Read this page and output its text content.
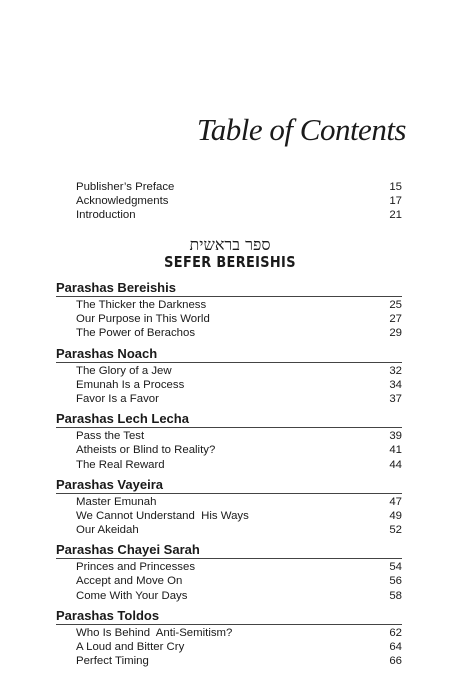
Table of Contents
Publisher’s Preface	15
Acknowledgments	17
Introduction	21
ספר בראשית
SEFER BEREISHIS
Parashas Bereishis
The Thicker the Darkness	25
Our Purpose in This World	27
The Power of Berachos	29
Parashas Noach
The Glory of a Jew	32
Emunah Is a Process	34
Favor Is a Favor	37
Parashas Lech Lecha
Pass the Test	39
Atheists or Blind to Reality?	41
The Real Reward	44
Parashas Vayeira
Master Emunah	47
We Cannot Understand  His Ways	49
Our Akeidah	52
Parashas Chayei Sarah
Princes and Princesses	54
Accept and Move On	56
Come With Your Days	58
Parashas Toldos
Who Is Behind  Anti-Semitism?	62
A Loud and Bitter Cry	64
Perfect Timing	66
